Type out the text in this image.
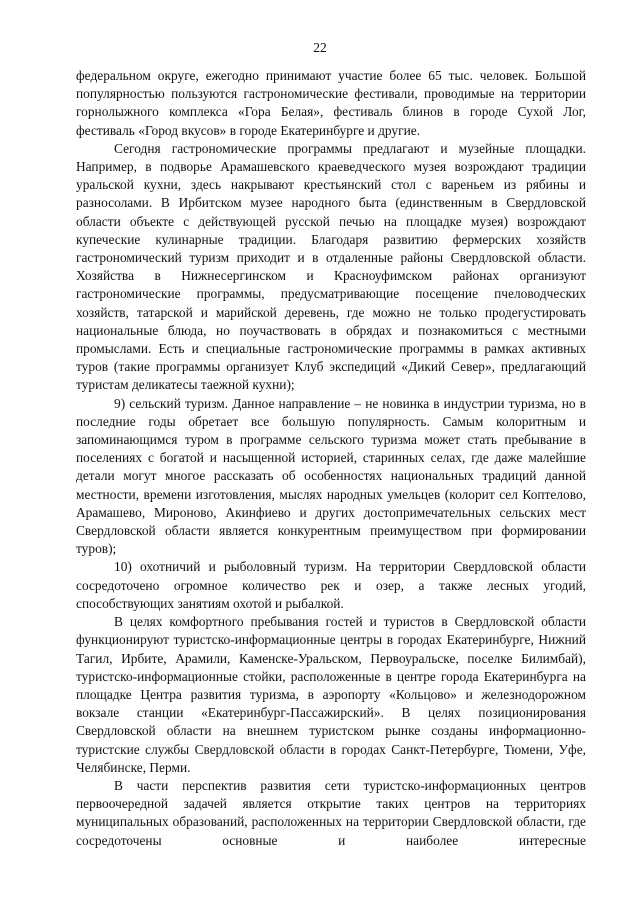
22

федеральном округе, ежегодно принимают участие более 65 тыс. человек. Большой популярностью пользуются гастрономические фестивали, проводимые на территории горнолыжного комплекса «Гора Белая», фестиваль блинов в городе Сухой Лог, фестиваль «Город вкусов» в городе Екатеринбурге и другие.

Сегодня гастрономические программы предлагают и музейные площадки. Например, в подворье Арамашевского краеведческого музея возрождают традиции уральской кухни, здесь накрывают крестьянский стол с вареньем из рябины и разносолами. В Ирбитском музее народного быта (единственным в Свердловской области объекте с действующей русской печью на площадке музея) возрождают купеческие кулинарные традиции. Благодаря развитию фермерских хозяйств гастрономический туризм приходит и в отдаленные районы Свердловской области. Хозяйства в Нижнесергинском и Красноуфимском районах организуют гастрономические программы, предусматривающие посещение пчеловодческих хозяйств, татарской и марийской деревень, где можно не только продегустировать национальные блюда, но поучаствовать в обрядах и познакомиться с местными промыслами. Есть и специальные гастрономические программы в рамках активных туров (такие программы организует Клуб экспедиций «Дикий Север», предлагающий туристам деликатесы таежной кухни);

9) сельский туризм. Данное направление – не новинка в индустрии туризма, но в последние годы обретает все большую популярность. Самым колоритным и запоминающимся туром в программе сельского туризма может стать пребывание в поселениях с богатой и насыщенной историей, старинных селах, где даже малейшие детали могут многое рассказать об особенностях национальных традиций данной местности, времени изготовления, мыслях народных умельцев (колорит сел Коптелово, Арамашево, Мироново, Акинфиево и других достопримечательных сельских мест Свердловской области является конкурентным преимуществом при формировании туров);

10) охотничий и рыболовный туризм. На территории Свердловской области сосредоточено огромное количество рек и озер, а также лесных угодий, способствующих занятиям охотой и рыбалкой.

В целях комфортного пребывания гостей и туристов в Свердловской области функционируют туристско-информационные центры в городах Екатеринбурге, Нижний Тагил, Ирбите, Арамили, Каменске-Уральском, Первоуральске, поселке Билимбай), туристско-информационные стойки, расположенные в центре города Екатеринбурга на площадке Центра развития туризма, в аэропорту «Кольцово» и железнодорожном вокзале станции «Екатеринбург-Пассажирский». В целях позиционирования Свердловской области на внешнем туристском рынке созданы информационно-туристские службы Свердловской области в городах Санкт-Петербурге, Тюмени, Уфе, Челябинске, Перми.

В части перспектив развития сети туристско-информационных центров первоочередной задачей является открытие таких центров на территориях муниципальных образований, расположенных на территории Свердловской области, где сосредоточены основные и наиболее интересные
